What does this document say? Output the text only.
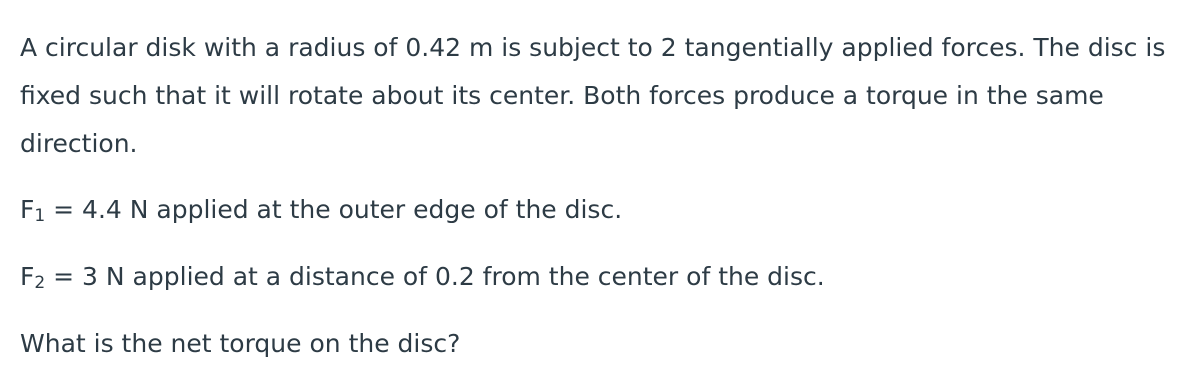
A circular disk with a radius of 0.42 m is subject to 2 tangentially applied forces. The disc is fixed such that it will rotate about its center. Both forces produce a torque in the same direction.

$F_1 = 4.4$ N applied at the outer edge of the disc.

$F_2 = 3$ N applied at a distance of 0.2 from the center of the disc.

What is the net torque on the disc?
